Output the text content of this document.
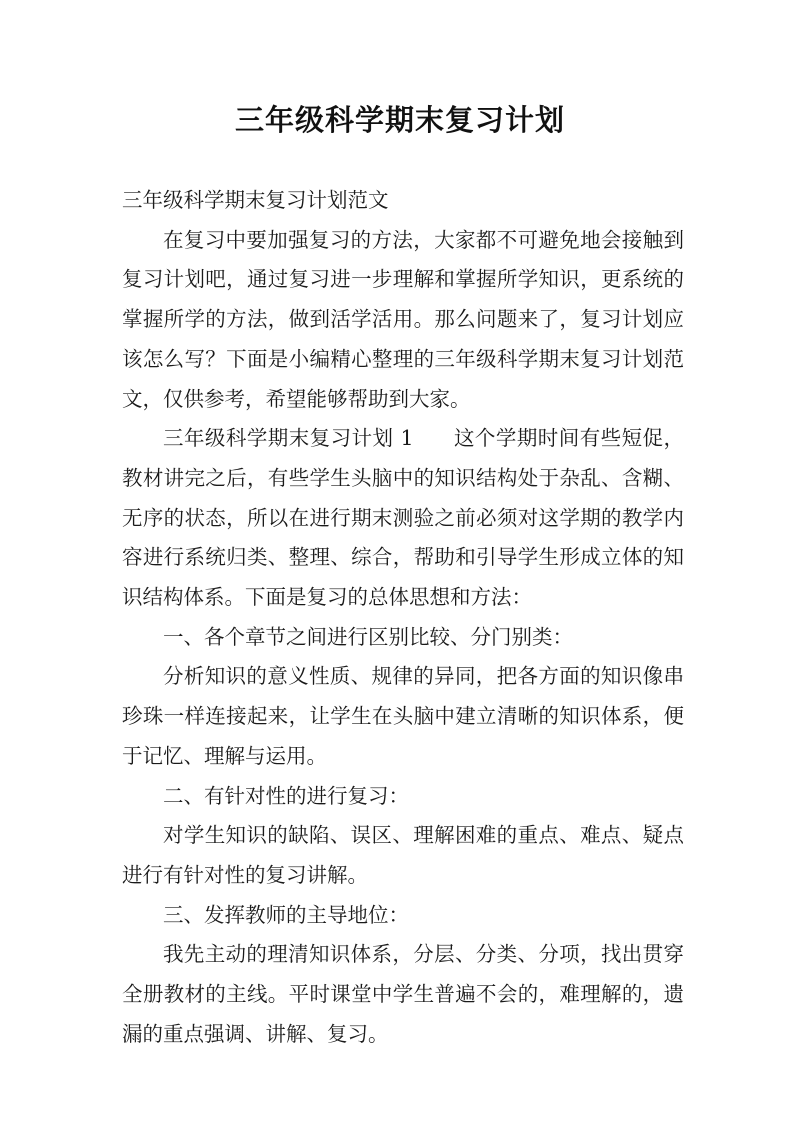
三年级科学期末复习计划

三年级科学期末复习计划范文

在复习中要加强复习的方法，大家都不可避免地会接触到复习计划吧，通过复习进一步理解和掌握所学知识，更系统的掌握所学的方法，做到活学活用。那么问题来了，复习计划应该怎么写？下面是小编精心整理的三年级科学期末复习计划范文，仅供参考，希望能够帮助到大家。

三年级科学期末复习计划 1 这个学期时间有些短促，教材讲完之后，有些学生头脑中的知识结构处于杂乱、含糊、无序的状态，所以在进行期末测验之前必须对这学期的教学内容进行系统归类、整理、综合，帮助和引导学生形成立体的知识结构体系。下面是复习的总体思想和方法：

一、各个章节之间进行区别比较、分门别类：

分析知识的意义性质、规律的异同，把各方面的知识像串珍珠一样连接起来，让学生在头脑中建立清晰的知识体系，便于记忆、理解与运用。

二、有针对性的进行复习：

对学生知识的缺陷、误区、理解困难的重点、难点、疑点进行有针对性的复习讲解。

三、发挥教师的主导地位：

我先主动的理清知识体系，分层、分类、分项，找出贯穿全册教材的主线。平时课堂中学生普遍不会的，难理解的，遗漏的重点强调、讲解、复习。
